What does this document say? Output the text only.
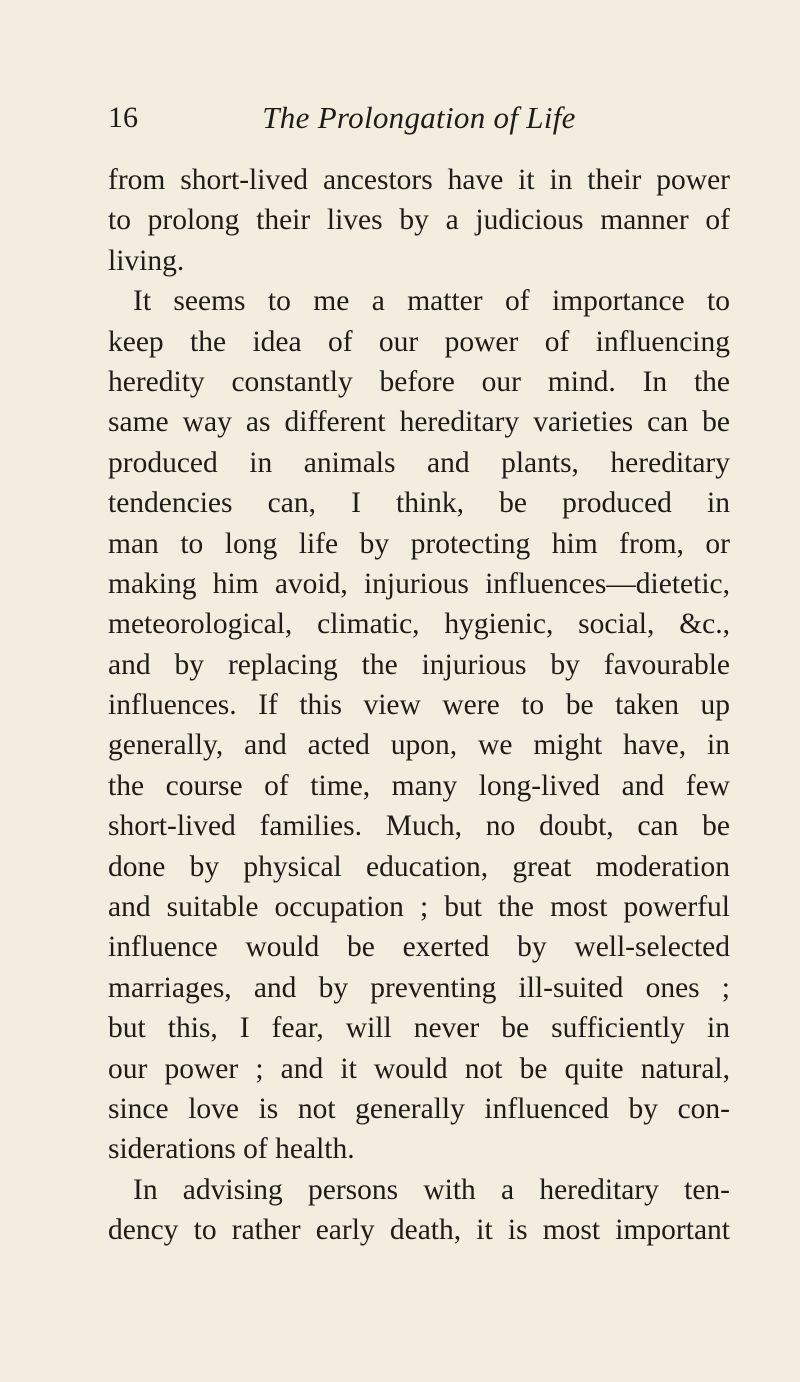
16	The Prolongation of Life
from short-lived ancestors have it in their power
to prolong their lives by a judicious manner of
living.
It seems to me a matter of importance to
keep the idea of our power of influencing
heredity constantly before our mind. In the
same way as different hereditary varieties can be
produced in animals and plants, hereditary
tendencies can, I think, be produced in
man to long life by protecting him from, or
making him avoid, injurious influences—dietetic,
meteorological, climatic, hygienic, social, &c.,
and by replacing the injurious by favourable
influences. If this view were to be taken up
generally, and acted upon, we might have, in
the course of time, many long-lived and few
short-lived families. Much, no doubt, can be
done by physical education, great moderation
and suitable occupation ; but the most powerful
influence would be exerted by well-selected
marriages, and by preventing ill-suited ones ;
but this, I fear, will never be sufficiently in
our power ; and it would not be quite natural,
since love is not generally influenced by con-
siderations of health.
In advising persons with a hereditary ten-
dency to rather early death, it is most important
